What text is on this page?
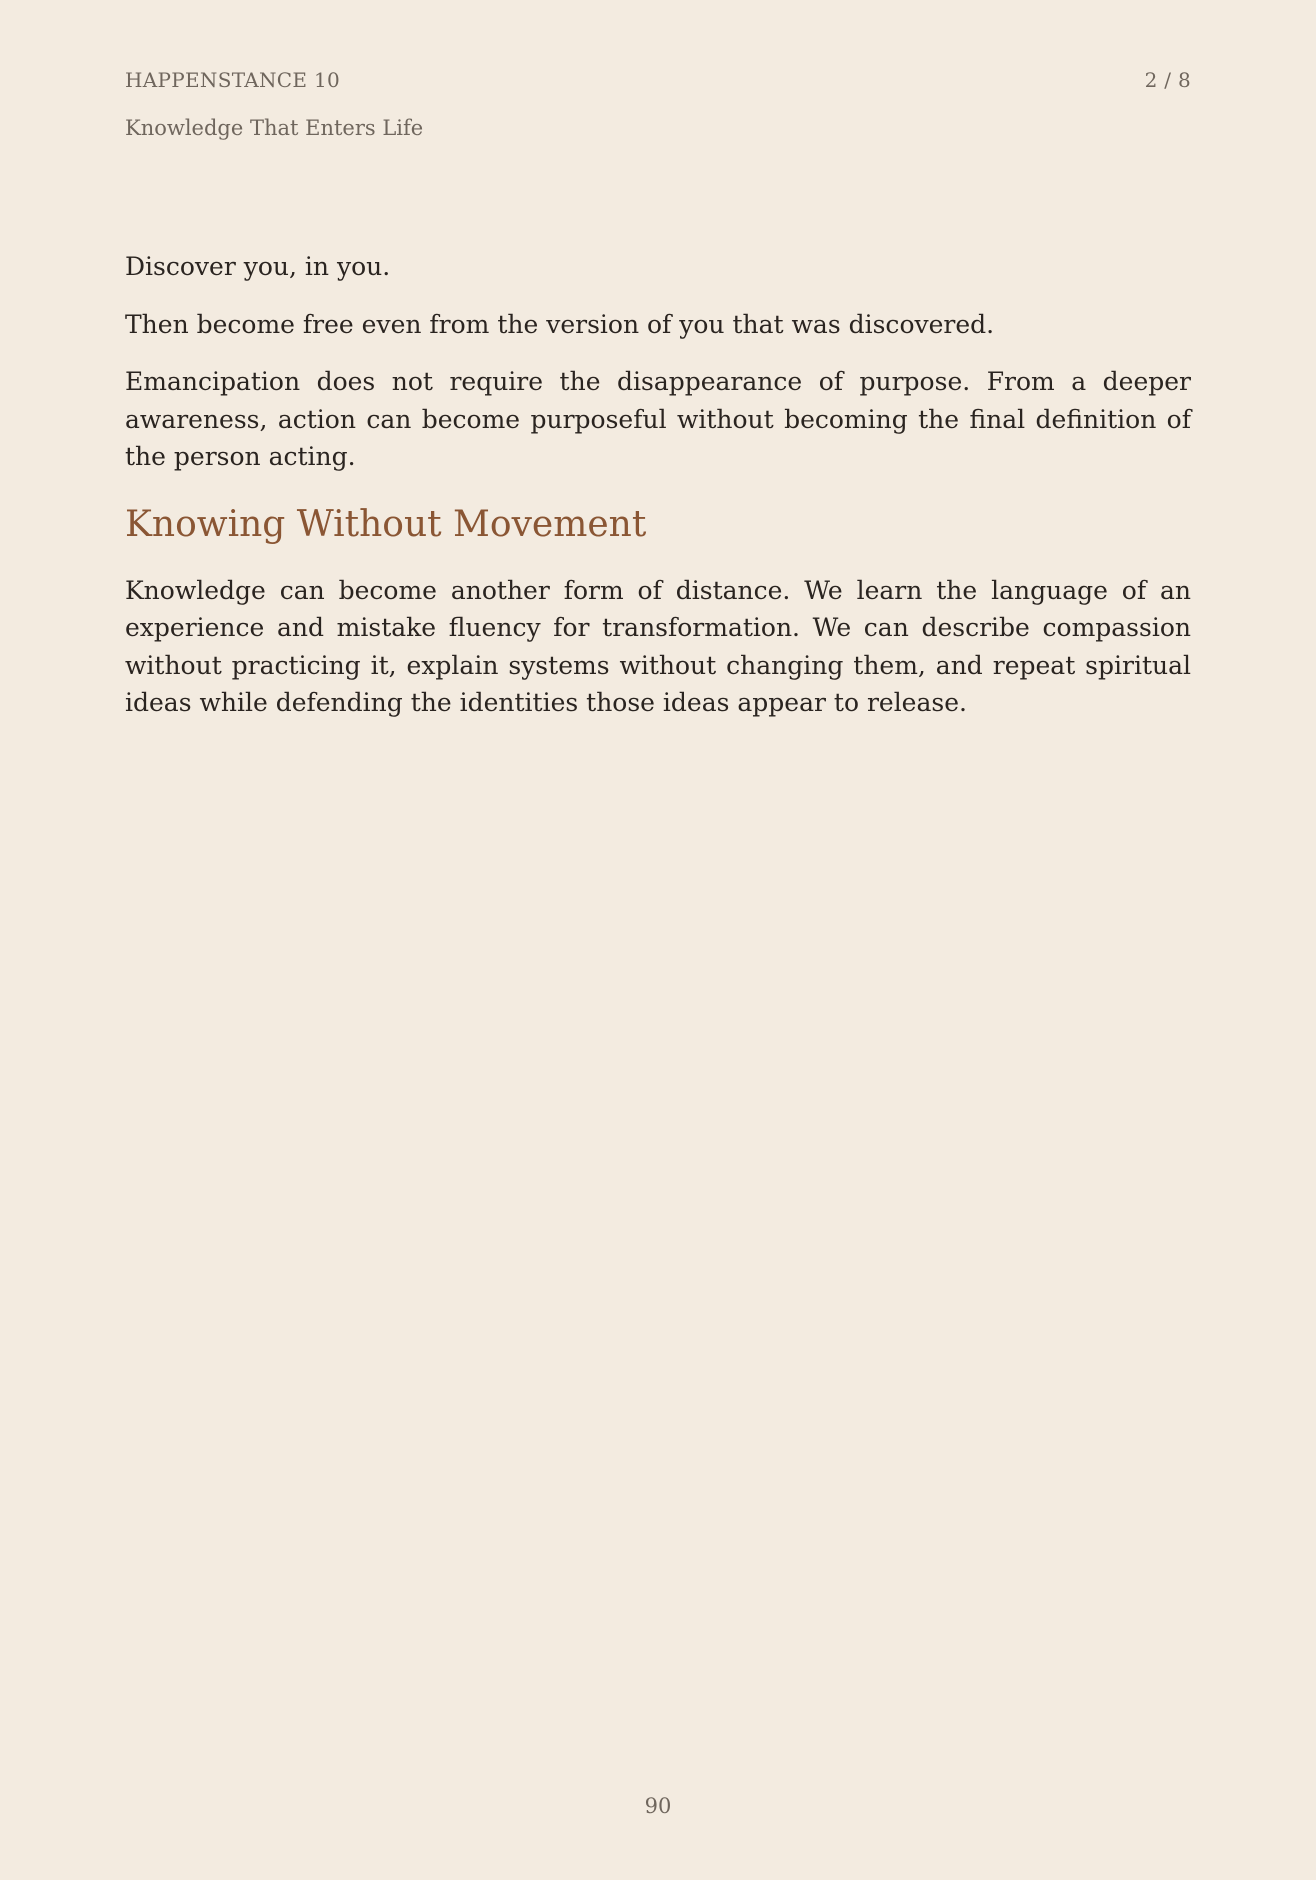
HAPPENSTANCE 10	2 / 8
Knowledge That Enters Life

Discover you, in you.

Then become free even from the version of you that was discovered.

Emancipation does not require the disappearance of purpose. From a deeper awareness, action can become purposeful without becoming the final definition of the person acting.

Knowing Without Movement

Knowledge can become another form of distance. We learn the language of an experience and mistake fluency for transformation. We can describe compassion without practicing it, explain systems without changing them, and repeat spiritual ideas while defending the identities those ideas appear to release.

90
